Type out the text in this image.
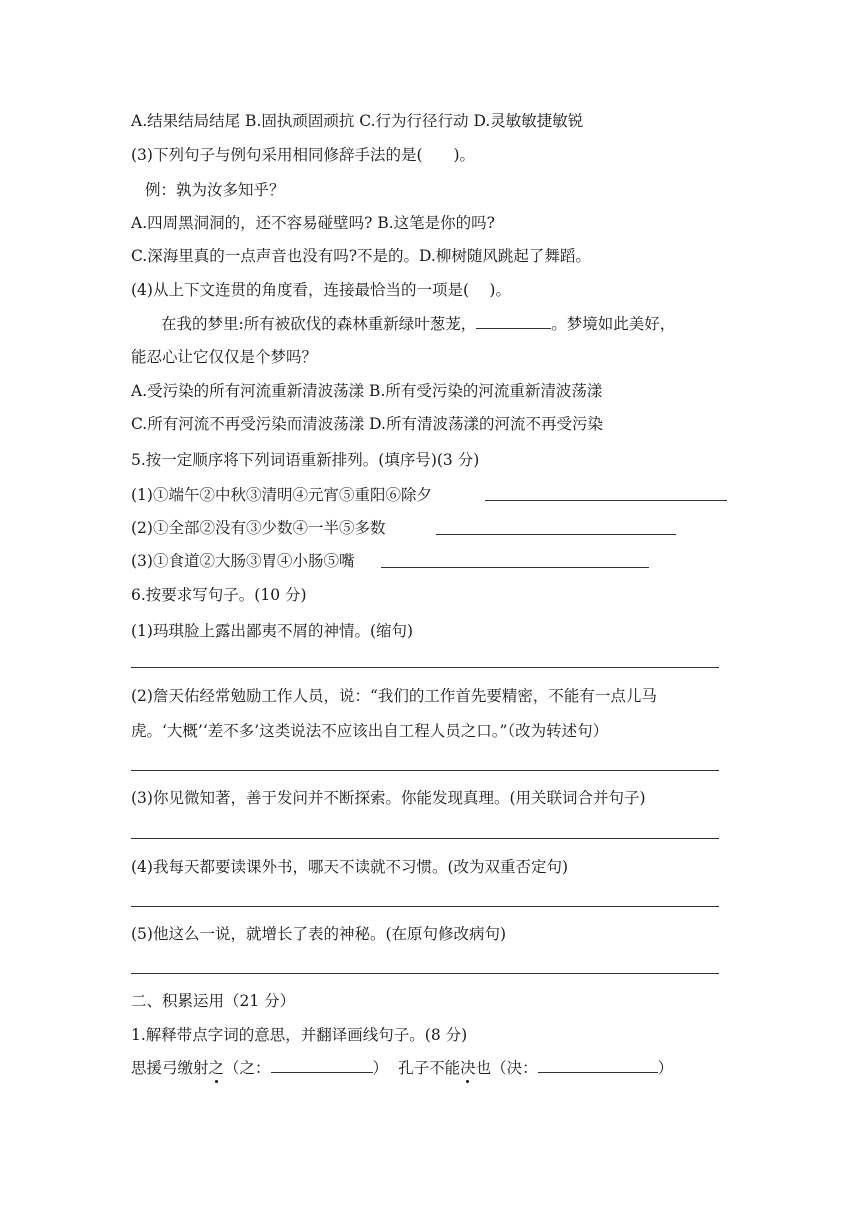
A.结果结局结尾 B.固执顽固顽抗 C.行为行径行动 D.灵敏敏捷敏锐
(3)下列句子与例句采用相同修辞手法的是(　　)。
例：孰为汝多知乎？
A.四周黑洞洞的，还不容易碰壁吗? B.这笔是你的吗?
C.深海里真的一点声音也没有吗?不是的。D.柳树随风跳起了舞蹈。
(4)从上下文连贯的角度看，连接最恰当的一项是(　 )。
在我的梦里:所有被砍伐的森林重新绿叶葱茏，	。梦境如此美好，
能忍心让它仅仅是个梦吗？
A.受污染的所有河流重新清波荡漾 B.所有受污染的河流重新清波荡漾
C.所有河流不再受污染而清波荡漾 D.所有清波荡漾的河流不再受污染
5.按一定顺序将下列词语重新排列。(填序号)(3 分)
(1)①端午②中秋③清明④元宵⑤重阳⑥除夕
(2)①全部②没有③少数④一半⑤多数
(3)①食道②大肠③胃④小肠⑤嘴
6.按要求写句子。(10 分)
(1)玛琪脸上露出鄙夷不屑的神情。(缩句)
(2)詹天佑经常勉励工作人员，说：“我们的工作首先要精密，不能有一点儿马
虎。‘大概’‘差不多’这类说法不应该出自工程人员之口。”（改为转述句）
(3)你见微知著，善于发问并不断探索。你能发现真理。(用关联词合并句子)
(4)我每天都要读课外书，哪天不读就不习惯。(改为双重否定句)
(5)他这么一说，就增长了表的神秘。(在原句修改病句)
二、积累运用（21 分）
1.解释带点字词的意思，并翻译画线句子。(8 分)
思援弓缴射之（之：	） 孔子不能决也（决：	）
